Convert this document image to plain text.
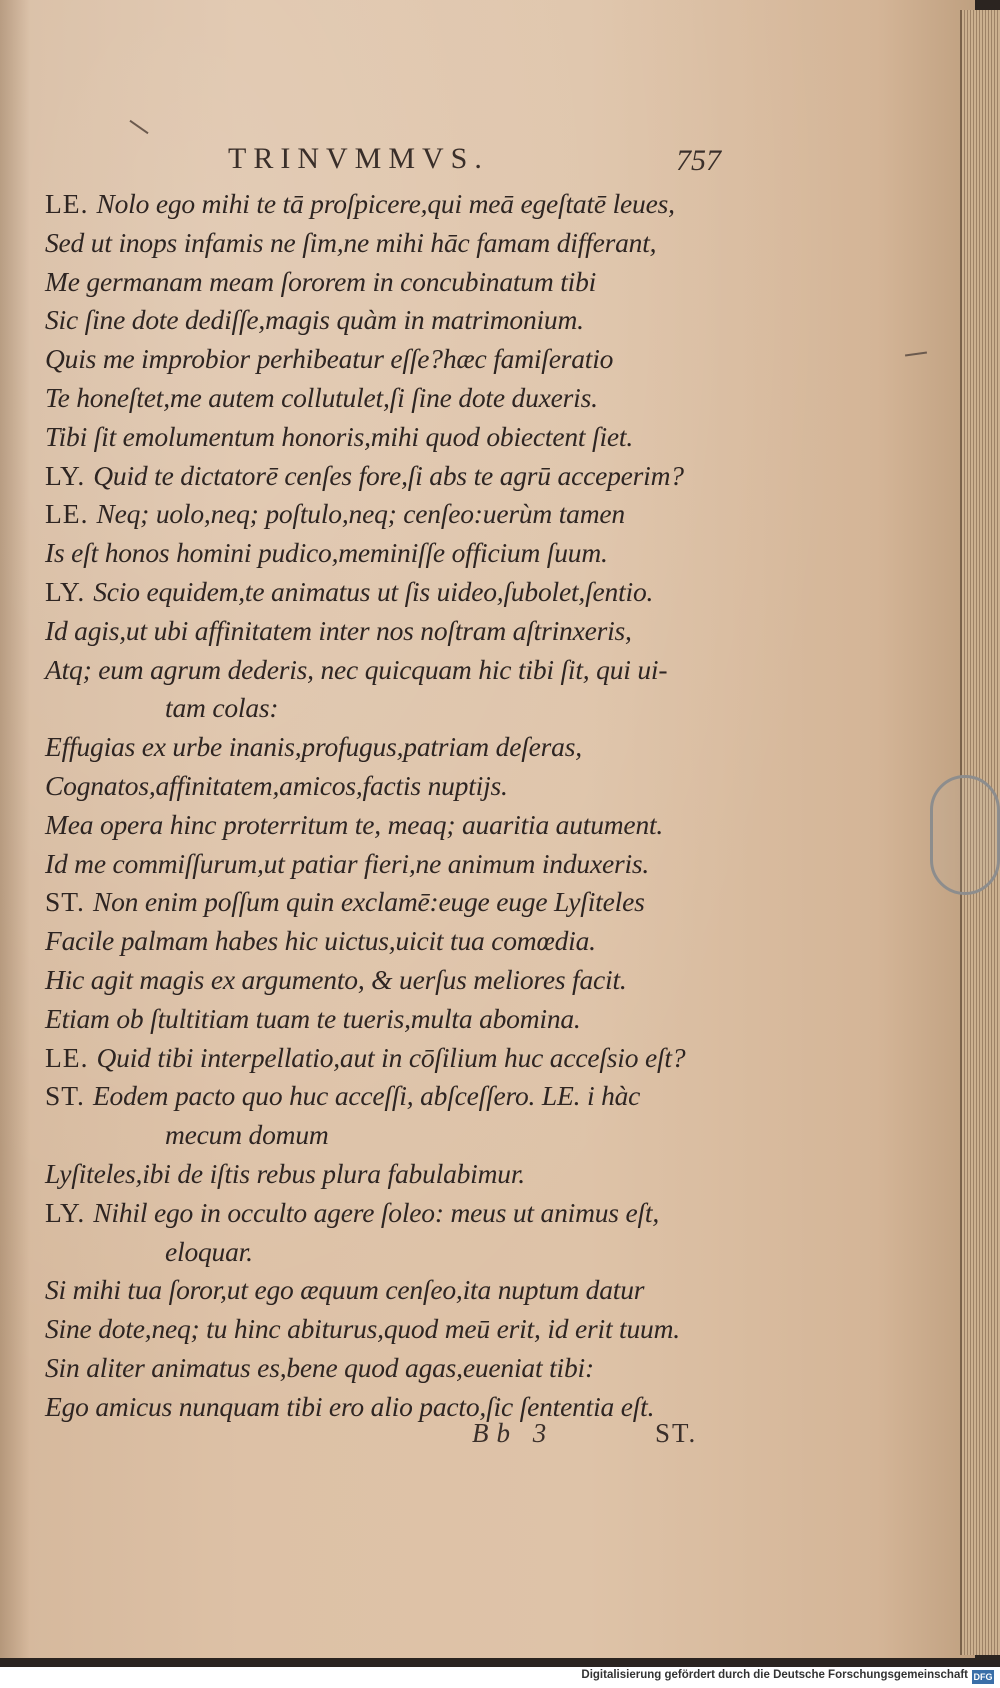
TRINVMMVS.	757
LE. Nolo ego mihi te tā proſpicere,qui meā egeſtatē leues,
Sed ut inops infamis ne ſim,ne mihi hāc famam differant,
Me germanam meam ſororem in concubinatum tibi
Sic ſine dote dediſſe,magis quàm in matrimonium.
Quis me improbior perhibeatur eſſe?hæc famiſeratio
Te honeſtet,me autem collutulet,ſi ſine dote duxeris.
Tibi ſit emolumentum honoris,mihi quod obiectent ſiet.
LY. Quid te dictatorē cenſes fore,ſi abs te agrū acceperim?
LE. Neq; uolo,neq; poſtulo,neq; cenſeo:uerùm tamen
Is eſt honos homini pudico,meminiſſe officium ſuum.
LY. Scio equidem,te animatus ut ſis uideo,ſubolet,ſentio.
Id agis,ut ubi affinitatem inter nos noſtram aſtrinxeris,
Atq; eum agrum dederis, nec quicquam hic tibi ſit, qui ui-
tam colas:
Effugias ex urbe inanis,profugus,patriam deſeras,
Cognatos,affinitatem,amicos,factis nuptijs.
Mea opera hinc proterritum te, meaq; auaritia autument.
Id me commiſſurum,ut patiar fieri,ne animum induxeris.
ST. Non enim poſſum quin exclamē:euge euge Lyſiteles
Facile palmam habes hic uictus,uicit tua comœdia.
Hic agit magis ex argumento, & uerſus meliores facit.
Etiam ob ſtultitiam tuam te tueris,multa abomina.
LE. Quid tibi interpellatio,aut in cōſilium huc acceſsio eſt?
ST. Eodem pacto quo huc acceſſi, abſceſſero. LE. i hàc
mecum domum
Lyſiteles,ibi de iſtis rebus plura fabulabimur.
LY. Nihil ego in occulto agere ſoleo: meus ut animus eſt,
eloquar.
Si mihi tua ſoror,ut ego æquum cenſeo,ita nuptum datur
Sine dote,neq; tu hinc abiturus,quod meū erit, id erit tuum.
Sin aliter animatus es,bene quod agas,eueniat tibi:
Ego amicus nunquam tibi ero alio pacto,ſic ſententia eſt.
Bb 3	ST.
Digitalisierung gefördert durch die Deutsche Forschungsgemeinschaft DFG
